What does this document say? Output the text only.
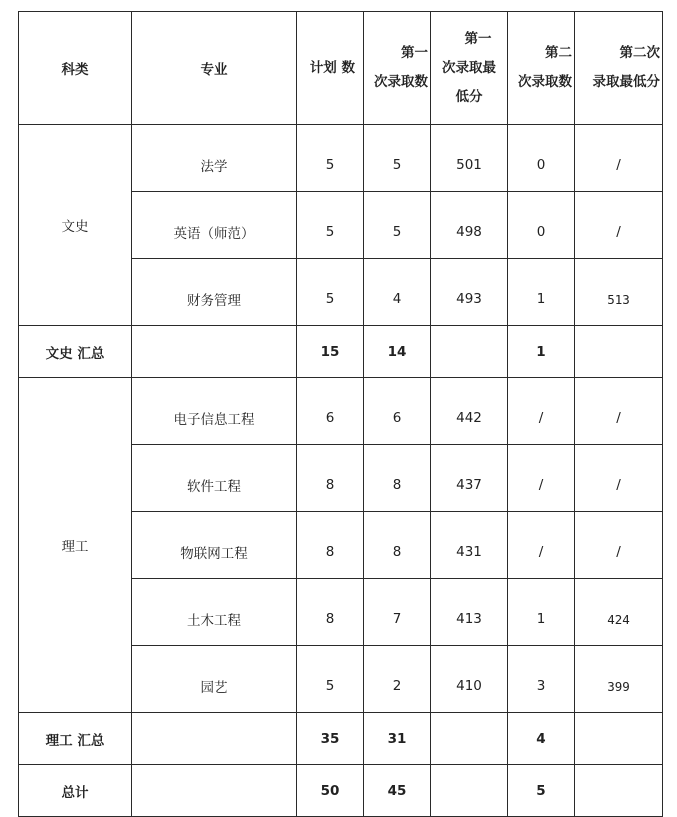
科类	专业	计划 数	第一 次录取数	第一 次录取最 低分	第二 次录取数	第二次 录取最低分
文史	法学	5	5	501	0	/
	英语（师范）	5	5	498	0	/
	财务管理	5	4	493	1	513
文史 汇总		15	14		1	
理工	电子信息工程	6	6	442	/	/
	软件工程	8	8	437	/	/
	物联网工程	8	8	431	/	/
	土木工程	8	7	413	1	424
	园艺	5	2	410	3	399
理工 汇总		35	31		4	
总计		50	45		5	
